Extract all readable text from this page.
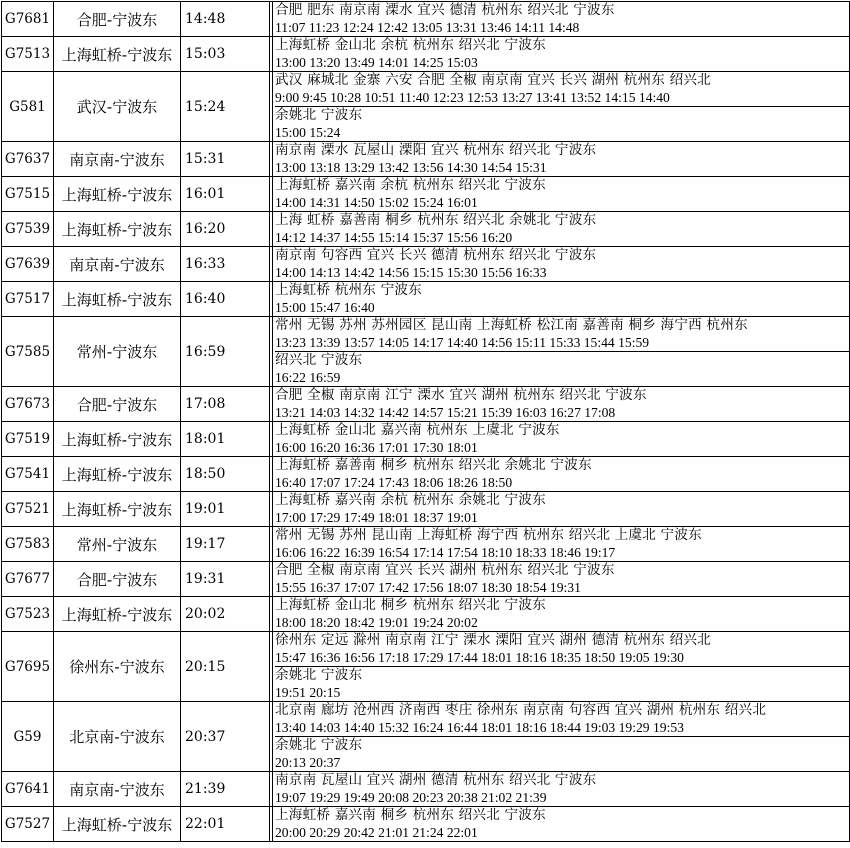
G7681	合肥-宁波东	14:48		合肥 肥东 南京南 溧水 宜兴 德清 杭州东 绍兴北 宁波东
11:07 11:23 12:24 12:42 13:05 13:31 13:46 14:11 14:48

G7513	上海虹桥-宁波东	15:03		上海虹桥 金山北 余杭 杭州东 绍兴北 宁波东
13:00 13:20 13:49 14:01 14:25 15:03

G581	武汉-宁波东	15:24		武汉 麻城北 金寨 六安 合肥 全椒 南京南 宜兴 长兴 湖州 杭州东 绍兴北
9:00 9:45 10:28 10:51 11:40 12:23 12:53 13:27 13:41 13:52 14:15 14:40
余姚北 宁波东
15:00 15:24

G7637	南京南-宁波东	15:31		南京南 溧水 瓦屋山 溧阳 宜兴 杭州东 绍兴北 宁波东
13:00 13:18 13:29 13:42 13:56 14:30 14:54 15:31

G7515	上海虹桥-宁波东	16:01		上海虹桥 嘉兴南 余杭 杭州东 绍兴北 宁波东
14:00 14:31 14:50 15:02 15:24 16:01

G7539	上海虹桥-宁波东	16:20		上海 虹桥 嘉善南 桐乡 杭州东 绍兴北 余姚北 宁波东
14:12 14:37 14:55 15:14 15:37 15:56 16:20

G7639	南京南-宁波东	16:33		南京南 句容西 宜兴 长兴 德清 杭州东 绍兴北 宁波东
14:00 14:13 14:42 14:56 15:15 15:30 15:56 16:33

G7517	上海虹桥-宁波东	16:40		上海虹桥 杭州东 宁波东
15:00 15:47 16:40

G7585	常州-宁波东	16:59		常州 无锡 苏州 苏州园区 昆山南 上海虹桥 松江南 嘉善南 桐乡 海宁西 杭州东
13:23 13:39 13:57 14:05 14:17 14:40 14:56 15:11 15:33 15:44 15:59
绍兴北 宁波东
16:22 16:59

G7673	合肥-宁波东	17:08		合肥 全椒 南京南 江宁 溧水 宜兴 湖州 杭州东 绍兴北 宁波东
13:21 14:03 14:32 14:42 14:57 15:21 15:39 16:03 16:27 17:08

G7519	上海虹桥-宁波东	18:01		上海虹桥 金山北 嘉兴南 杭州东 上虞北 宁波东
16:00 16:20 16:36 17:01 17:30 18:01

G7541	上海虹桥-宁波东	18:50		上海虹桥 嘉善南 桐乡 杭州东 绍兴北 余姚北 宁波东
16:40 17:07 17:24 17:43 18:06 18:26 18:50

G7521	上海虹桥-宁波东	19:01		上海虹桥 嘉兴南 余杭 杭州东 余姚北 宁波东
17:00 17:29 17:49 18:01 18:37 19:01

G7583	常州-宁波东	19:17		常州 无锡 苏州 昆山南 上海虹桥 海宁西 杭州东 绍兴北 上虞北 宁波东
16:06 16:22 16:39 16:54 17:14 17:54 18:10 18:33 18:46 19:17

G7677	合肥-宁波东	19:31		合肥 全椒 南京南 宜兴 长兴 湖州 杭州东 绍兴北 宁波东
15:55 16:37 17:07 17:42 17:56 18:07 18:30 18:54 19:31

G7523	上海虹桥-宁波东	20:02		上海虹桥 金山北 桐乡 杭州东 绍兴北 宁波东
18:00 18:20 18:42 19:01 19:24 20:02

G7695	徐州东-宁波东	20:15		徐州东 定远 滁州 南京南 江宁 溧水 溧阳 宜兴 湖州 德清 杭州东 绍兴北
15:47 16:36 16:56 17:18 17:29 17:44 18:01 18:16 18:35 18:50 19:05 19:30
余姚北 宁波东
19:51 20:15

G59	北京南-宁波东	20:37		北京南 廊坊 沧州西 济南西 枣庄 徐州东 南京南 句容西 宜兴 湖州 杭州东 绍兴北
13:40 14:03 14:40 15:32 16:24 16:44 18:01 18:16 18:44 19:03 19:29 19:53
余姚北 宁波东
20:13 20:37

G7641	南京南-宁波东	21:39		南京南 瓦屋山 宜兴 湖州 德清 杭州东 绍兴北 宁波东
19:07 19:29 19:49 20:08 20:23 20:38 21:02 21:39

G7527	上海虹桥-宁波东	22:01		上海虹桥 嘉兴南 桐乡 杭州东 绍兴北 宁波东
20:00 20:29 20:42 21:01 21:24 22:01
